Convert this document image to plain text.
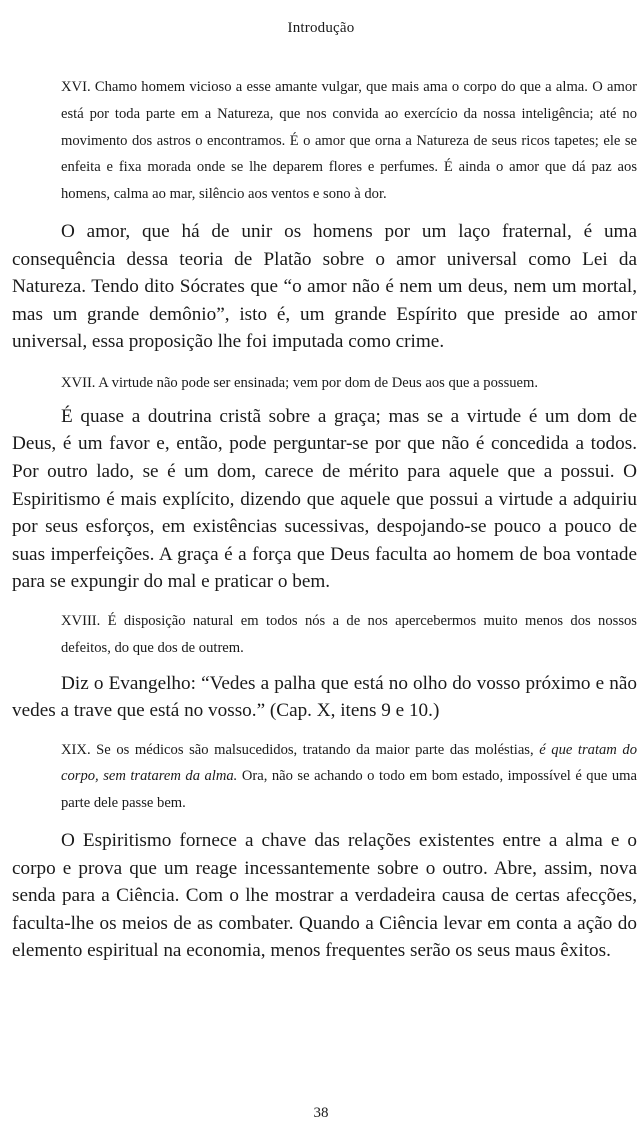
Introdução

XVI. Chamo homem vicioso a esse amante vulgar, que mais ama o corpo do que a alma. O amor está por toda parte em a Natureza, que nos convida ao exercício da nossa inteligência; até no movimento dos astros o encontramos. É o amor que orna a Natureza de seus ricos tapetes; ele se enfeita e fixa morada onde se lhe deparem flores e perfumes. É ainda o amor que dá paz aos homens, calma ao mar, silêncio aos ventos e sono à dor.

O amor, que há de unir os homens por um laço fraternal, é uma consequência dessa teoria de Platão sobre o amor universal como Lei da Natureza. Tendo dito Sócrates que “o amor não é nem um deus, nem um mortal, mas um grande demônio”, isto é, um grande Espírito que preside ao amor universal, essa proposição lhe foi imputada como crime.

XVII. A virtude não pode ser ensinada; vem por dom de Deus aos que a possuem.

É quase a doutrina cristã sobre a graça; mas se a virtude é um dom de Deus, é um favor e, então, pode perguntar-se por que não é concedida a todos. Por outro lado, se é um dom, carece de mérito para aquele que a possui. O Espiritismo é mais explícito, dizendo que aquele que possui a virtude a adquiriu por seus esforços, em existências sucessivas, despojando-se pouco a pouco de suas imperfeições. A graça é a força que Deus faculta ao homem de boa vontade para se expungir do mal e praticar o bem.

XVIII. É disposição natural em todos nós a de nos apercebermos muito menos dos nossos defeitos, do que dos de outrem.

Diz o Evangelho: “Vedes a palha que está no olho do vosso próximo e não vedes a trave que está no vosso.” (Cap. X, itens 9 e 10.)

XIX. Se os médicos são malsucedidos, tratando da maior parte das moléstias, é que tratam do corpo, sem tratarem da alma. Ora, não se achando o todo em bom estado, impossível é que uma parte dele passe bem.

O Espiritismo fornece a chave das relações existentes entre a alma e o corpo e prova que um reage incessantemente sobre o outro. Abre, assim, nova senda para a Ciência. Com o lhe mostrar a verdadeira causa de certas afecções, faculta-lhe os meios de as combater. Quando a Ciência levar em conta a ação do elemento espiritual na economia, menos frequentes serão os seus maus êxitos.

38
